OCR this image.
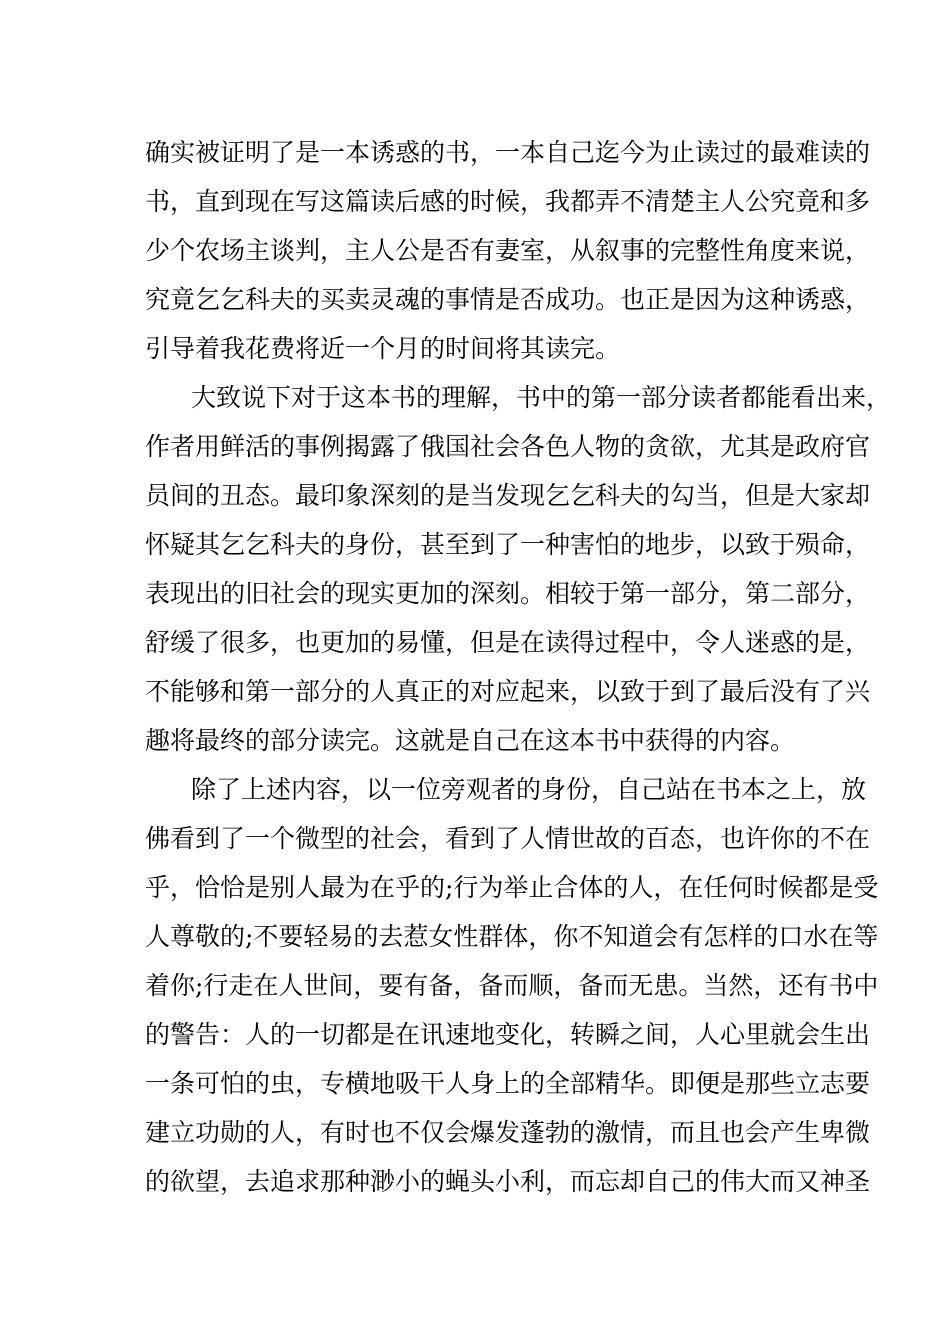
确实被证明了是一本诱惑的书，一本自己迄今为止读过的最难读的
书，直到现在写这篇读后感的时候，我都弄不清楚主人公究竟和多
少个农场主谈判，主人公是否有妻室，从叙事的完整性角度来说，
究竟乞乞科夫的买卖灵魂的事情是否成功。也正是因为这种诱惑，
引导着我花费将近一个月的时间将其读完。
大致说下对于这本书的理解，书中的第一部分读者都能看出来，
作者用鲜活的事例揭露了俄国社会各色人物的贪欲，尤其是政府官
员间的丑态。最印象深刻的是当发现乞乞科夫的勾当，但是大家却
怀疑其乞乞科夫的身份，甚至到了一种害怕的地步，以致于殒命，
表现出的旧社会的现实更加的深刻。相较于第一部分，第二部分，
舒缓了很多，也更加的易懂，但是在读得过程中，令人迷惑的是，
不能够和第一部分的人真正的对应起来，以致于到了最后没有了兴
趣将最终的部分读完。这就是自己在这本书中获得的内容。
除了上述内容，以一位旁观者的身份，自己站在书本之上，放
佛看到了一个微型的社会，看到了人情世故的百态，也许你的不在
乎，恰恰是别人最为在乎的;行为举止合体的人，在任何时候都是受
人尊敬的;不要轻易的去惹女性群体，你不知道会有怎样的口水在等
着你;行走在人世间，要有备，备而顺，备而无患。当然，还有书中
的警告：人的一切都是在讯速地变化，转瞬之间，人心里就会生出
一条可怕的虫，专横地吸干人身上的全部精华。即便是那些立志要
建立功勋的人，有时也不仅会爆发蓬勃的激情，而且也会产生卑微
的欲望，去追求那种渺小的蝇头小利，而忘却自己的伟大而又神圣
